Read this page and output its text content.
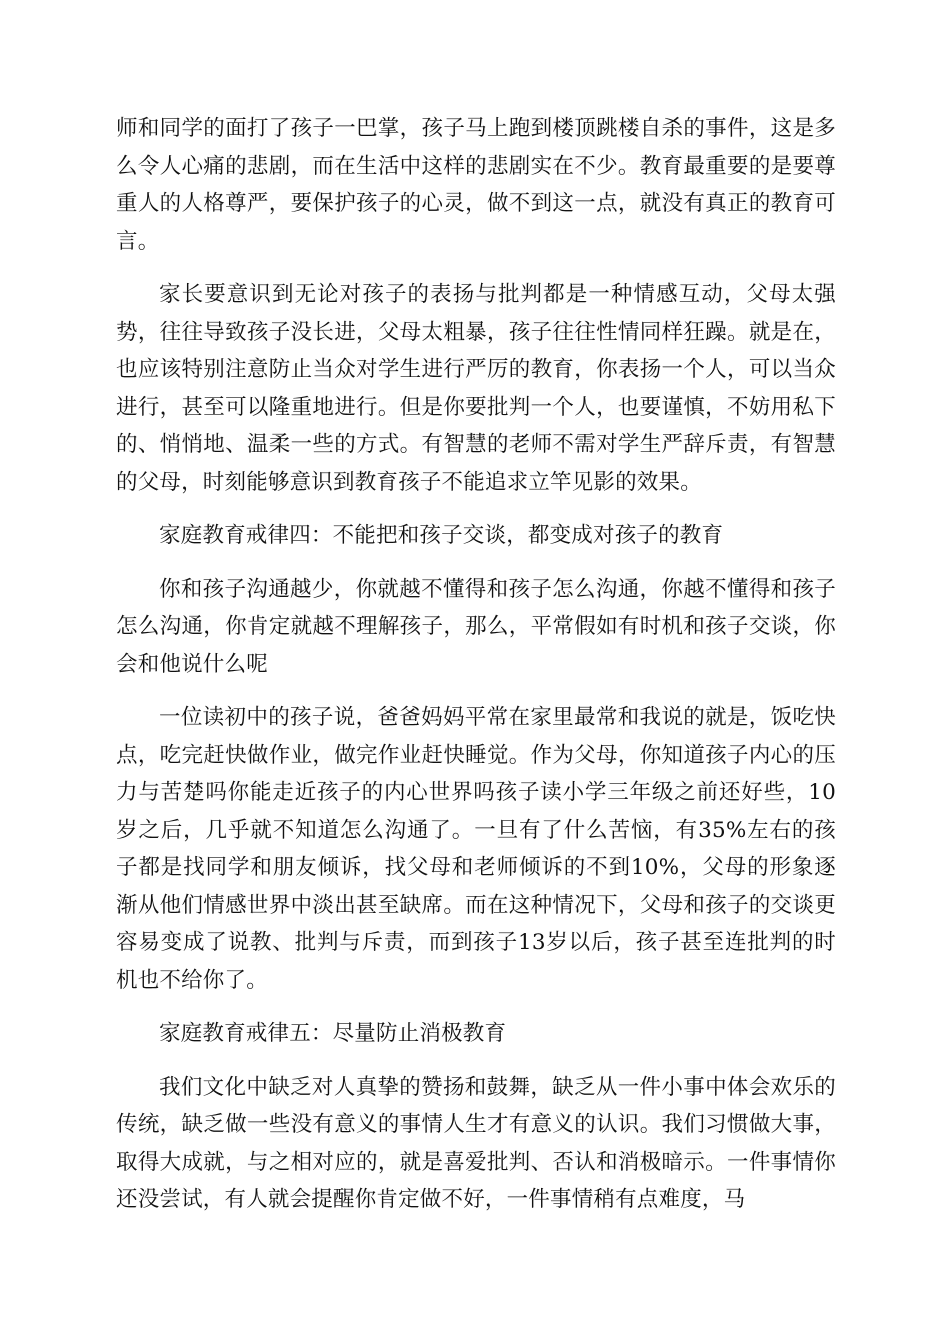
师和同学的面打了孩子一巴掌，孩子马上跑到楼顶跳楼自杀的事件，这是多么令人心痛的悲剧，而在生活中这样的悲剧实在不少。教育最重要的是要尊重人的人格尊严，要保护孩子的心灵，做不到这一点，就没有真正的教育可言。

家长要意识到无论对孩子的表扬与批判都是一种情感互动，父母太强势，往往导致孩子没长进，父母太粗暴，孩子往往性情同样狂躁。就是在，也应该特别注意防止当众对学生进行严厉的教育，你表扬一个人，可以当众进行，甚至可以隆重地进行。但是你要批判一个人，也要谨慎，不妨用私下的、悄悄地、温柔一些的方式。有智慧的老师不需对学生严辞斥责，有智慧的父母，时刻能够意识到教育孩子不能追求立竿见影的效果。

家庭教育戒律四：不能把和孩子交谈，都变成对孩子的教育

你和孩子沟通越少，你就越不懂得和孩子怎么沟通，你越不懂得和孩子怎么沟通，你肯定就越不理解孩子，那么，平常假如有时机和孩子交谈，你会和他说什么呢

一位读初中的孩子说，爸爸妈妈平常在家里最常和我说的就是，饭吃快点，吃完赶快做作业，做完作业赶快睡觉。作为父母，你知道孩子内心的压力与苦楚吗你能走近孩子的内心世界吗孩子读小学三年级之前还好些，10岁之后，几乎就不知道怎么沟通了。一旦有了什么苦恼，有35%左右的孩子都是找同学和朋友倾诉，找父母和老师倾诉的不到10%，父母的形象逐渐从他们情感世界中淡出甚至缺席。而在这种情况下，父母和孩子的交谈更容易变成了说教、批判与斥责，而到孩子13岁以后，孩子甚至连批判的时机也不给你了。

家庭教育戒律五：尽量防止消极教育

我们文化中缺乏对人真挚的赞扬和鼓舞，缺乏从一件小事中体会欢乐的传统，缺乏做一些没有意义的事情人生才有意义的认识。我们习惯做大事，取得大成就，与之相对应的，就是喜爱批判、否认和消极暗示。一件事情你还没尝试，有人就会提醒你肯定做不好，一件事情稍有点难度，马
